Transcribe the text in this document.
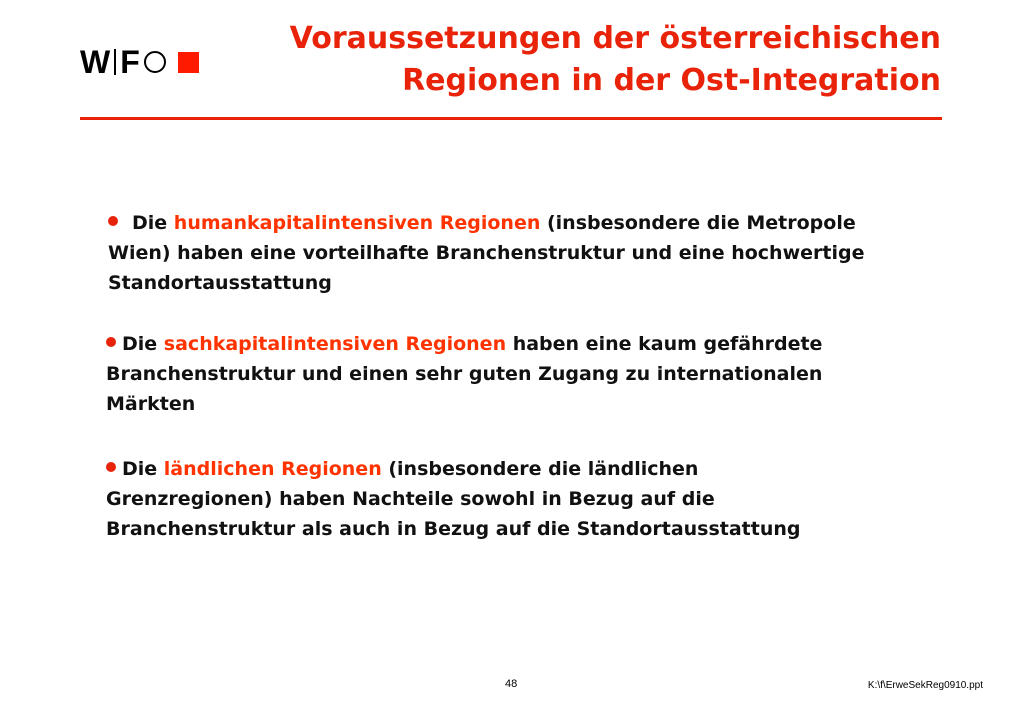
W F
Voraussetzungen der österreichischen
Regionen in der Ost-Integration
Die humankapitalintensiven Regionen (insbesondere die Metropole Wien) haben eine vorteilhafte Branchenstruktur und eine hochwertige Standortausstattung
Die sachkapitalintensiven Regionen haben eine kaum gefährdete Branchenstruktur und einen sehr guten Zugang zu internationalen Märkten
Die ländlichen Regionen (insbesondere die ländlichen Grenzregionen) haben Nachteile sowohl in Bezug auf die Branchenstruktur als auch in Bezug auf die Standortausstattung
48	K:\f\ErweSekReg0910.ppt
